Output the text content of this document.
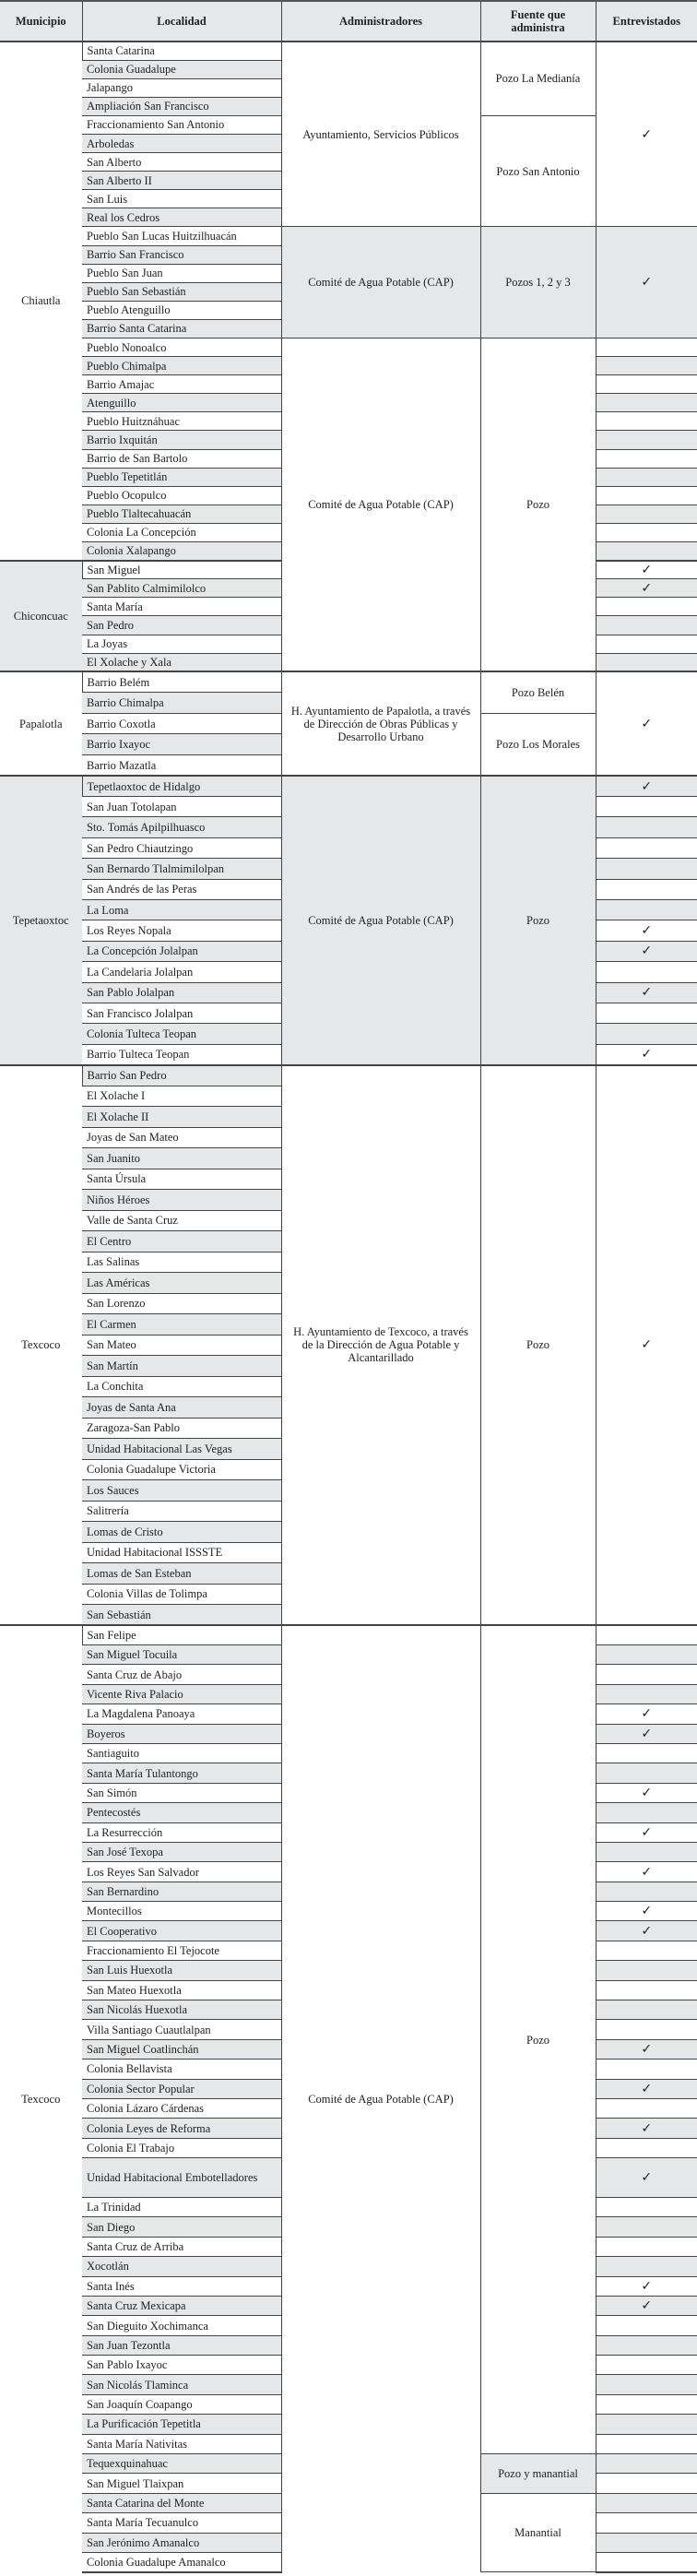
Municipio	Localidad	Administradores	Fuente que administra	Entrevistados
Chiautla	Santa Catarina	Ayuntamiento, Servicios Públicos	Pozo La Medianía	✓
	Colonia Guadalupe			
	Jalapango			
	Ampliación San Francisco			
	Fraccionamiento San Antonio		Pozo San Antonio	
	Arboledas			
	San Alberto			
	San Alberto II			
	San Luis			
	Real los Cedros			
	Pueblo San Lucas Huitzilhuacán	Comité de Agua Potable (CAP)	Pozos 1, 2 y 3	✓
	Barrio San Francisco			
	Pueblo San Juan			
	Pueblo San Sebastián			
	Pueblo Atenguillo			
	Barrio Santa Catarina			
	Pueblo Nonoalco	Comité de Agua Potable (CAP)	Pozo	
	Pueblo Chimalpa			
	Barrio Amajac			
	Atenguillo			
	Pueblo Huitznáhuac			
	Barrio Ixquitán			
	Barrio de San Bartolo			
	Pueblo Tepetitlán			
	Pueblo Ocopulco			
	Pueblo Tlaltecahuacán			
	Colonia La Concepción			
	Colonia Xalapango			
Chiconcuac	San Miguel			✓
	San Pablito Calmimilolco			✓
	Santa María			
	San Pedro			
	La Joyas			
	El Xolache y Xala			
Papalotla	Barrio Belém	H. Ayuntamiento de Papalotla, a través de Dirección de Obras Públicas y Desarrollo Urbano	Pozo Belén	✓
	Barrio Chimalpa			
	Barrio Coxotla		Pozo Los Morales	
	Barrio Ixayoc			
	Barrio Mazatla			
Tepetaoxtoc	Tepetlaoxtoc de Hidalgo	Comité de Agua Potable (CAP)	Pozo	✓
	San Juan Totolapan			
	Sto. Tomás Apilpilhuasco			
	San Pedro Chiautzingo			
	San Bernardo Tlalmimilolpan			
	San Andrés de las Peras			
	La Loma			
	Los Reyes Nopala			✓
	La Concepción Jolalpan			✓
	La Candelaria Jolalpan			
	San Pablo Jolalpan			✓
	San Francisco Jolalpan			
	Colonia Tulteca Teopan			
	Barrio Tulteca Teopan			✓
Texcoco	Barrio San Pedro	H. Ayuntamiento de Texcoco, a través de la Dirección de Agua Potable y Alcantarillado	Pozo	✓
	El Xolache I			
	El Xolache II			
	Joyas de San Mateo			
	San Juanito			
	Santa Úrsula			
	Niños Héroes			
	Valle de Santa Cruz			
	El Centro			
	Las Salinas			
	Las Américas			
	San Lorenzo			
	El Carmen			
	San Mateo			
	San Martín			
	La Conchita			
	Joyas de Santa Ana			
	Zaragoza-San Pablo			
	Unidad Habitacional Las Vegas			
	Colonia Guadalupe Victoria			
	Los Sauces			
	Salitrería			
	Lomas de Cristo			
	Unidad Habitacional ISSSTE			
	Lomas de San Esteban			
	Colonia Villas de Tolimpa			
	San Sebastián			
Texcoco	San Felipe	Comité de Agua Potable (CAP)	Pozo	
	San Miguel Tocuila			
	Santa Cruz de Abajo			
	Vicente Riva Palacio			
	La Magdalena Panoaya			✓
	Boyeros			✓
	Santiaguito			
	Santa María Tulantongo			
	San Simón			✓
	Pentecostés			
	La Resurrección			✓
	San José Texopa			
	Los Reyes San Salvador			✓
	San Bernardino			
	Montecillos			✓
	El Cooperativo			✓
	Fraccionamiento El Tejocote			
	San Luis Huexotla			
	San Mateo Huexotla			
	San Nicolás Huexotla			
	Villa Santiago Cuautlalpan			
	San Miguel Coatlinchán			✓
	Colonia Bellavista			
	Colonia Sector Popular			✓
	Colonia Lázaro Cárdenas			
	Colonia Leyes de Reforma			✓
	Colonia El Trabajo			
	Unidad Habitacional Embotelladores			✓
	La Trinidad			
	San Diego			
	Santa Cruz de Arriba			
	Xocotlán			
	Santa Inés			✓
	Santa Cruz Mexicapa			✓
	San Dieguito Xochimanca			
	San Juan Tezontla			
	San Pablo Ixayoc			
	San Nicolás Tlaminca			
	San Joaquín Coapango			
	La Purificación Tepetitla			
	Santa María Nativitas			
	Tequexquinahuac		Pozo y manantial	
	San Miguel Tlaixpan			
	Santa Catarina del Monte		Manantial	
	Santa María Tecuanulco			
	San Jerónimo Amanalco			
	Colonia Guadalupe Amanalco			
